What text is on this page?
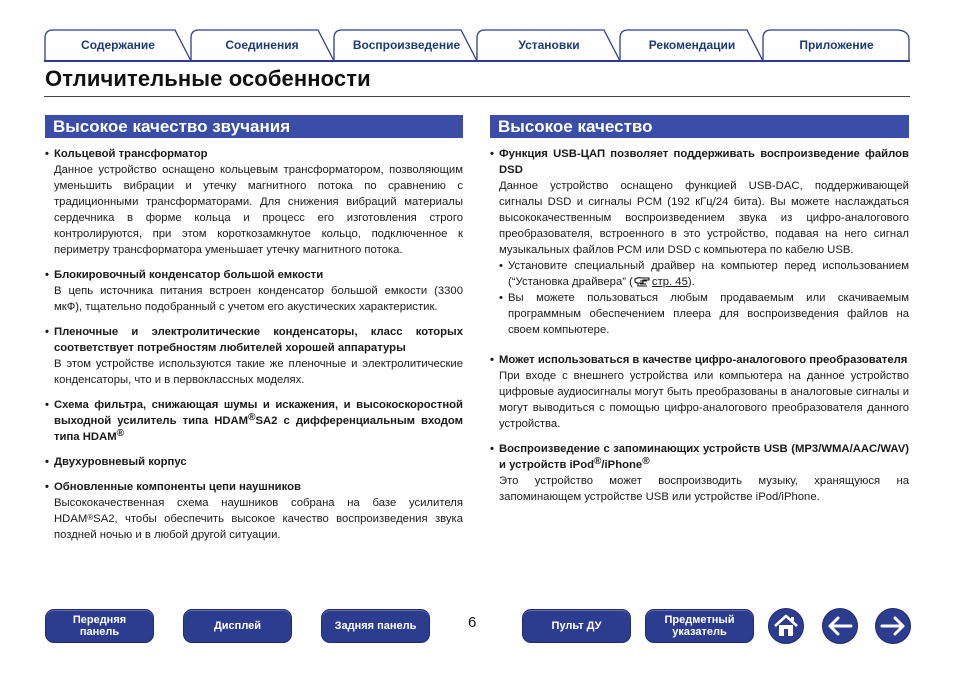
Содержание	Соединения	Воспроизведение	Установки	Рекомендации	Приложение
Отличительные особенности
Высокое качество звучания	Высокое качество
• Кольцевой трансформатор
Данное устройство оснащено кольцевым трансформатором, позволяющим уменьшить вибрации и утечку магнитного потока по сравнению с традиционными трансформаторами. Для снижения вибраций материалы сердечника в форме кольца и процесс его изготовления строго контролируются, при этом короткозамкнутое кольцо, подключенное к периметру трансформатора уменьшает утечку магнитного потока.
• Блокировочный конденсатор большой емкости
В цепь источника питания встроен конденсатор большой емкости (3300 мкФ), тщательно подобранный с учетом его акустических характеристик.
• Пленочные и электролитические конденсаторы, класс которых соответствует потребностям любителей хорошей аппаратуры
В этом устройстве используются такие же пленочные и электролитические конденсаторы, что и в первоклассных моделях.
• Схема фильтра, снижающая шумы и искажения, и высокоскоростной выходной усилитель типа HDAM®SA2 с дифференциальным входом типа HDAM®
• Двухуровневый корпус
• Обновленные компоненты цепи наушников
Высококачественная схема наушников собрана на базе усилителя HDAM®SA2, чтобы обеспечить высокое качество воспроизведения звука поздней ночью и в любой другой ситуации.
• Функция USB-ЦАП позволяет поддерживать воспроизведение файлов DSD
Данное устройство оснащено функцией USB-DAC, поддерживающей сигналы DSD и сигналы PCM (192 кГц/24 бита). Вы можете наслаждаться высококачественным воспроизведением звука из цифро-аналогового преобразователя, встроенного в это устройство, подавая на него сигнал музыкальных файлов PCM или DSD с компьютера по кабелю USB.
• Установите специальный драйвер на компьютер перед использованием (“Установка драйвера” ( стр. 45).
• Вы можете пользоваться любым продаваемым или скачиваемым программным обеспечением плеера для воспроизведения файлов на своем компьютере.
• Может использоваться в качестве цифро-аналогового преобразователя
При входе с внешнего устройства или компьютера на данное устройство цифровые аудиосигналы могут быть преобразованы в аналоговые сигналы и могут выводиться с помощью цифро-аналогового преобразователя данного устройства.
• Воспроизведение с запоминающих устройств USB (MP3/WMA/AAC/WAV) и устройств iPod®/iPhone®
Это устройство может воспроизводить музыку, хранящуюся на запоминающем устройстве USB или устройстве iPod/iPhone.
Передняя
панель	Дисплей	Задняя панель	6	Пульт ДУ	Предметный
указатель
